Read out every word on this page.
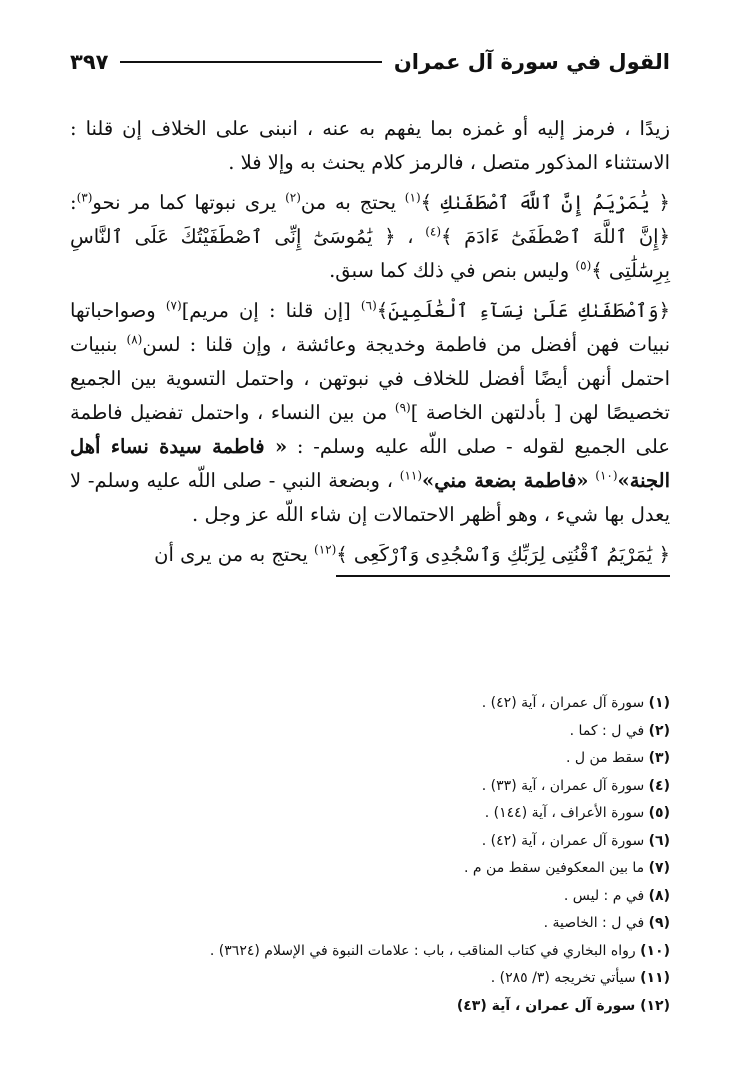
القول في سورة آل عمران
٣٩٧

زيدًا ، فرمز إليه أو غمزه بما يفهم به عنه ، انبنى على الخلاف إن قلنا : الاستثناء المذكور متصل ، فالرمز كلام يحنث به وإلا فلا .

﴿ يَٰمَرْيَمُ إِنَّ ٱللَّهَ ٱصْطَفَىٰكِ ﴾$^{(١)}$ يحتج به من$^{(٢)}$ يرى نبوتها كما مر نحو$^{(٣)}$: ﴿إِنَّ ٱللَّهَ ٱصْطَفَىٰٓ ءَادَمَ ﴾$^{(٤)}$ ، ﴿ يَٰمُوسَىٰٓ إِنِّى ٱصْطَفَيْتُكَ عَلَى ٱلنَّاسِ بِرِسَٰلَٰتِى ﴾$^{(٥)}$ وليس بنص في ذلك كما سبق.

﴿وَٱصْطَفَىٰكِ عَلَىٰ نِسَآءِ ٱلْعَٰلَمِينَ﴾$^{(٦)}$ [إن قلنا : إن مريم]$^{(٧)}$ وصواحباتها نبيات فهن أفضل من فاطمة وخديجة وعائشة ، وإن قلنا : لسن$^{(٨)}$ بنبيات احتمل أنهن أيضًا أفضل للخلاف في نبوتهن ، واحتمل التسوية بين الجميع تخصيصًا لهن [ بأدلتهن الخاصة ]$^{(٩)}$ من بين النساء ، واحتمل تفضيل فاطمة على الجميع لقوله - صلى اللّه عليه وسلم- : « فاطمة سيدة نساء أهل الجنة»$^{(١٠)}$ «فاطمة بضعة مني»$^{(١١)}$ ، وبضعة النبي - صلى اللّه عليه وسلم- لا يعدل بها شيء ، وهو أظهر الاحتمالات إن شاء اللّه عز وجل .

﴿ يَٰمَرْيَمُ ٱقْنُتِى لِرَبِّكِ وَٱسْجُدِى وَٱرْكَعِى ﴾$^{(١٢)}$ يحتج به من يرى أن

(١) سورة آل عمران ، آية (٤٢) .

(٢) في ل : كما .

(٣) سقط من ل .

(٤) سورة آل عمران ، آية (٣٣) .

(٥) سورة الأعراف ، آية (١٤٤) .

(٦) سورة آل عمران ، آية (٤٢) .

(٧) ما بين المعكوفين سقط من م .

(٨) في م : ليس .

(٩) في ل : الخاصية .

(١٠) رواه البخاري في كتاب المناقب ، باب : علامات النبوة في الإسلام (٣٦٢٤) .

(١١) سيأتي تخريجه (٣/ ٢٨٥) .

(١٢) سورة آل عمران ، آية (٤٣)
